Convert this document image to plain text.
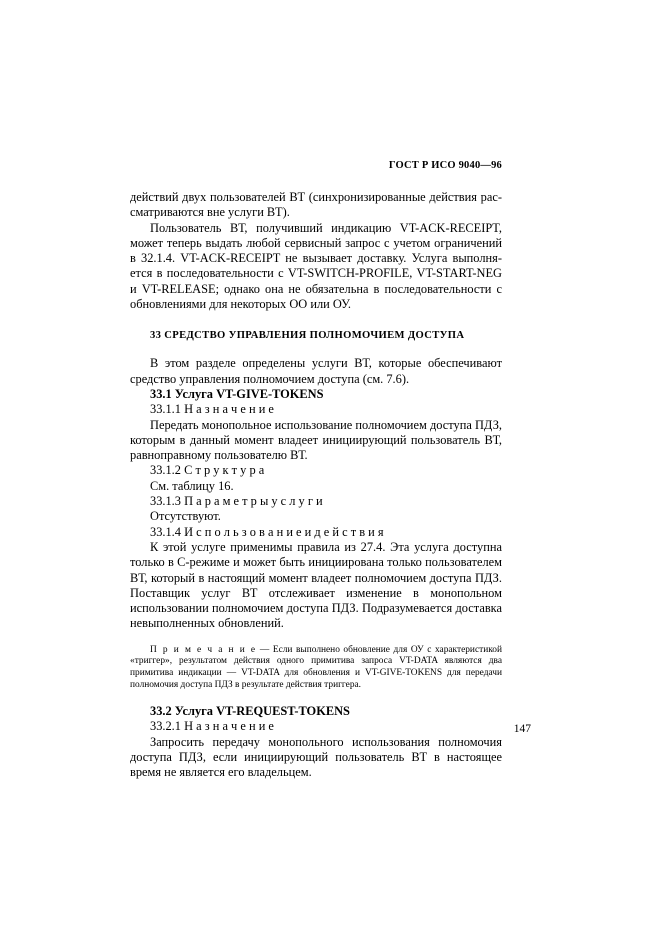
ГОСТ Р ИСО 9040—96

действий двух пользователей ВТ (синхронизированные действия рассматриваются вне услуги ВТ).

Пользователь ВТ, получивший индикацию VT-ACK-RECEIPT, может теперь выдать любой сервисный запрос с учетом ограничений в 32.1.4. VT-ACK-RECEIPT не вызывает доставку. Услуга выполняется в последовательности с VT-SWITCH-PROFILE, VT-START-NEG и VT-RELEASE; однако она не обязательна в последовательности с обновлениями для некоторых ОО или ОУ.

33 СРЕДСТВО УПРАВЛЕНИЯ ПОЛНОМОЧИЕМ ДОСТУПА

В этом разделе определены услуги ВТ, которые обеспечивают средство управления полномочием доступа (см. 7.6).

33.1 Услуга VT-GIVE-TOKENS

33.1.1 Н а з н а ч е н и е

Передать монопольное использование полномочием доступа ПДЗ, которым в данный момент владеет инициирующий пользователь ВТ, равноправному пользователю ВТ.

33.1.2 С т р у к т у р а

См. таблицу 16.

33.1.3 П а р а м е т р ы у с л у г и

Отсутствуют.

33.1.4 И с п о л ь з о в а н и е и д е й с т в и я

К этой услуге применимы правила из 27.4. Эта услуга доступна только в С-режиме и может быть инициирована только пользователем ВТ, который в настоящий момент владеет полномочием доступа ПДЗ. Поставщик услуг ВТ отслеживает изменение в монопольном использовании полномочием доступа ПДЗ. Подразумевается доставка невыполненных обновлений.

П р и м е ч а н и е — Если выполнено обновление для ОУ с характеристикой «триггер», результатом действия одного примитива запроса VT-DATA являются два примитива индикации — VT-DATA для обновления и VT-GIVE-TOKENS для передачи полномочия доступа ПДЗ в результате действия триггера.

33.2 Услуга VT-REQUEST-TOKENS

33.2.1 Н а з н а ч е н и е

Запросить передачу монопольного использования полномочия доступа ПДЗ, если инициирующий пользователь ВТ в настоящее время не является его владельцем.

147
